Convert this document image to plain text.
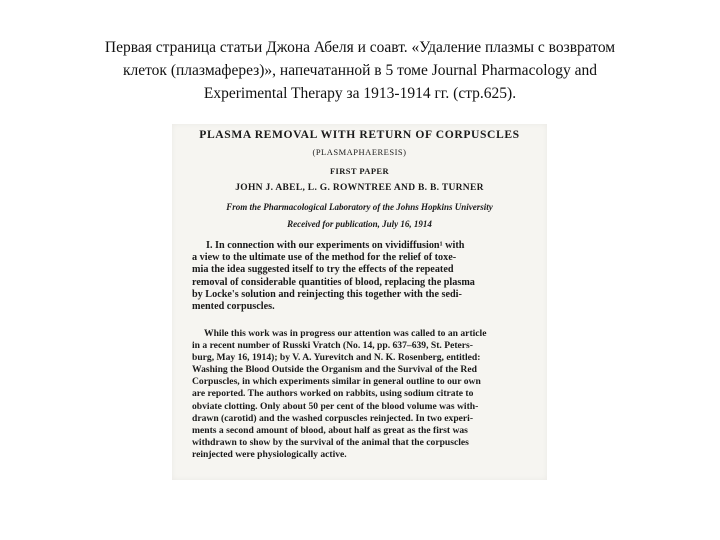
Первая страница статьи Джона Абеля и соавт. «Удаление плазмы с возвратом
клеток (плазмаферез)», напечатанной в 5 томе Journal Pharmacology and
Experimental Therapy за 1913-1914 гг. (стр.625).
PLASMA REMOVAL WITH RETURN OF CORPUSCLES
(PLASMAPHAERESIS)
FIRST PAPER
JOHN J. ABEL, L. G. ROWNTREE AND B. B. TURNER
From the Pharmacological Laboratory of the Johns Hopkins University
Received for publication, July 16, 1914
I. In connection with our experiments on vividiffusion¹ with
a view to the ultimate use of the method for the relief of toxe-
mia the idea suggested itself to try the effects of the repeated
removal of considerable quantities of blood, replacing the plasma
by Locke's solution and reinjecting this together with the sedi-
mented corpuscles.
While this work was in progress our attention was called to an article
in a recent number of Russki Vratch (No. 14, pp. 637–639, St. Peters-
burg, May 16, 1914); by V. A. Yurevitch and N. K. Rosenberg, entitled:
Washing the Blood Outside the Organism and the Survival of the Red
Corpuscles, in which experiments similar in general outline to our own
are reported. The authors worked on rabbits, using sodium citrate to
obviate clotting. Only about 50 per cent of the blood volume was with-
drawn (carotid) and the washed corpuscles reinjected. In two experi-
ments a second amount of blood, about half as great as the first was
withdrawn to show by the survival of the animal that the corpuscles
reinjected were physiologically active.
